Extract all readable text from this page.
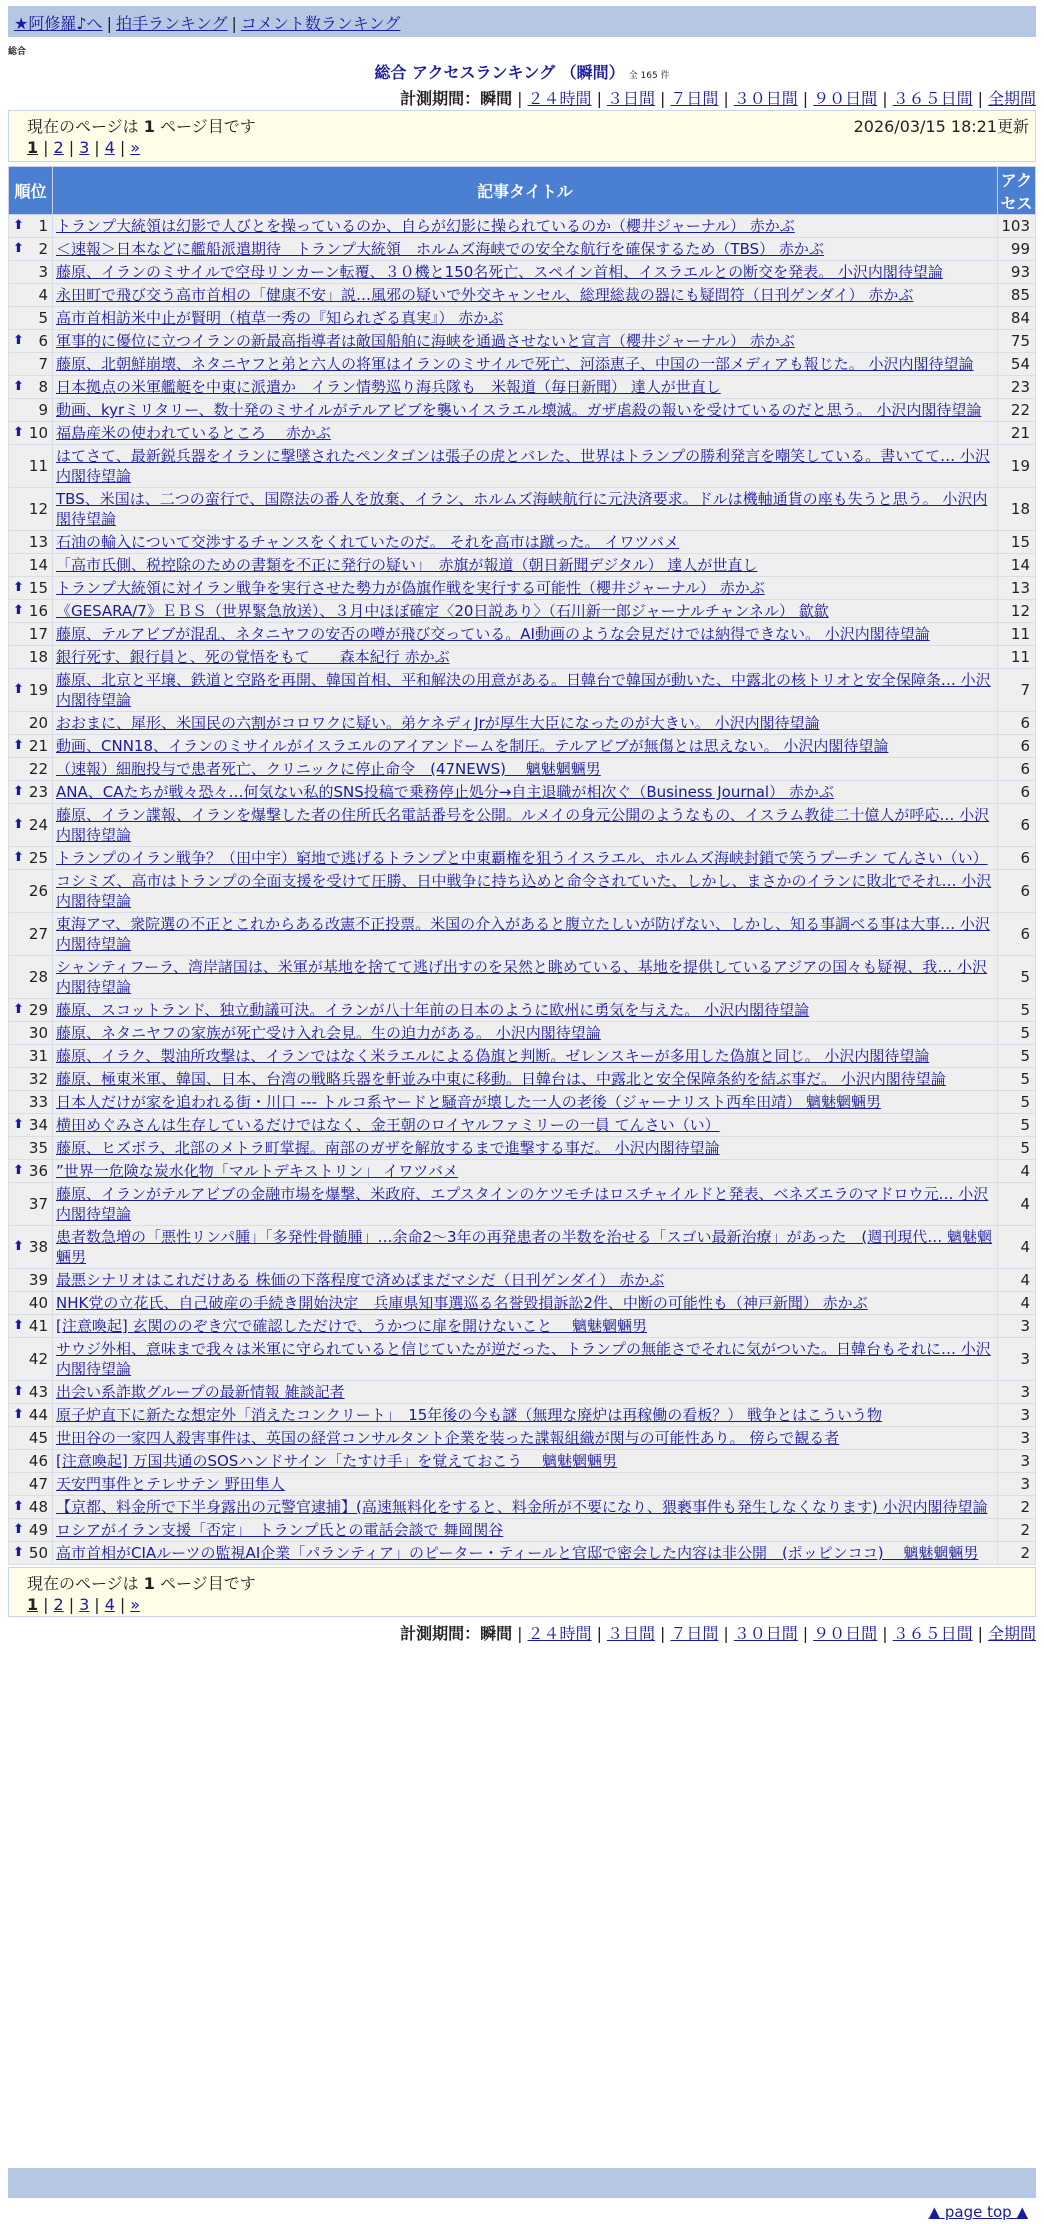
★阿修羅♪へ | 拍手ランキング | コメント数ランキング
総合
総合 アクセスランキング （瞬間） 全 165 件
計測期間：瞬間 | ２４時間 | ３日間 | ７日間 | ３０日間 | ９０日間 | ３６５日間 | 全期間
現在のページは 1 ページ目です	2026/03/15 18:21更新
1 | 2 | 3 | 4 | »
順位	記事タイトル	アクセス

⬆ 1	トランプ大統領は幻影で人びとを操っているのか、自らが幻影に操られているのか（櫻井ジャーナル） 赤かぶ	103

⬆ 2	＜速報＞日本などに艦船派遣期待　トランプ大統領　ホルムズ海峡での安全な航行を確保するため（TBS） 赤かぶ	99
3	藤原、イランのミサイルで空母リンカーン転覆、３０機と150名死亡、スペイン首相、イスラエルとの断交を発表。 小沢内閣待望論	93
4	永田町で飛び交う高市首相の「健康不安」説…風邪の疑いで外交キャンセル、総理総裁の器にも疑問符（日刊ゲンダイ） 赤かぶ	85
5	高市首相訪米中止が賢明（植草一秀の『知られざる真実』） 赤かぶ	84

⬆ 6	軍事的に優位に立つイランの新最高指導者は敵国船舶に海峡を通過させないと宣言（櫻井ジャーナル） 赤かぶ	75
7	藤原、北朝鮮崩壊、ネタニヤフと弟と六人の将軍はイランのミサイルで死亡、河添恵子、中国の一部メディアも報じた。 小沢内閣待望論	54

⬆ 8	日本拠点の米軍艦艇を中東に派遣か　イラン情勢巡り海兵隊も　米報道（毎日新聞） 達人が世直し	23
9	動画、kyrミリタリー、数十発のミサイルがテルアビブを襲いイスラエル壊滅。ガザ虐殺の報いを受けているのだと思う。 小沢内閣待望論	22

⬆ 10	福島産米の使われているところ　 赤かぶ	21
11	はてさて、最新鋭兵器をイランに撃墜されたペンタゴンは張子の虎とバレた、世界はトランプの勝利発言を嘲笑している。書いてて… 小沢内閣待望論	19
12	TBS、米国は、二つの蛮行で、国際法の番人を放棄、イラン、ホルムズ海峡航行に元決済要求。ドルは機軸通貨の座も失うと思う。 小沢内閣待望論	18
13	石油の輸入について交渉するチャンスをくれていたのだ。 それを高市は蹴った。 イワツバメ	15
14	「高市氏側、税控除のための書類を不正に発行の疑い」　赤旗が報道（朝日新聞デジタル） 達人が世直し	14

⬆ 15	トランプ大統領に対イラン戦争を実行させた勢力が偽旗作戦を実行する可能性（櫻井ジャーナル） 赤かぶ	13

⬆ 16	《GESARA/7》ＥＢＳ（世界緊急放送）、３月中ほぼ確定〈20日説あり〉（石川新一郎ジャーナルチャンネル） 歙歙	12
17	藤原、テルアビブが混乱、ネタニヤフの安否の噂が飛び交っている。AI動画のような会見だけでは納得できない。 小沢内閣待望論	11
18	銀行死す、銀行員と、死の覚悟をもて　　森本紀行 赤かぶ	11

⬆ 19	藤原、北京と平壌、鉄道と空路を再開、韓国首相、平和解決の用意がある。日韓台で韓国が動いた、中露北の核トリオと安全保障条… 小沢内閣待望論	7
20	おおまに、犀形、米国民の六割がコロワクに疑い。弟ケネディJrが厚生大臣になったのが大きい。 小沢内閣待望論	6

⬆ 21	動画、CNN18、イランのミサイルがイスラエルのアイアンドームを制圧。テルアビブが無傷とは思えない。 小沢内閣待望論	6
22	（速報）細胞投与で患者死亡、クリニックに停止命令　(47NEWS)　 魑魅魍魎男	6

⬆ 23	ANA、CAたちが戦々恐々…何気ない私的SNS投稿で乗務停止処分→自主退職が相次ぐ（Business Journal） 赤かぶ	6

⬆ 24	藤原、イラン諜報、イランを爆撃した者の住所氏名電話番号を公開。ルメイの身元公開のようなもの、イスラム教徒二十億人が呼応… 小沢内閣待望論	6

⬆ 25	トランプのイラン戦争？（田中宇）窮地で逃げるトランプと中東覇権を狙うイスラエル、ホルムズ海峡封鎖で笑うプーチン てんさい（い）	6
26	コシミズ、高市はトランプの全面支援を受けて圧勝、日中戦争に持ち込めと命令されていた、しかし、まさかのイランに敗北でそれ… 小沢内閣待望論	6
27	東海アマ、衆院選の不正とこれからある改憲不正投票。米国の介入があると腹立たしいが防げない、しかし、知る事調べる事は大事… 小沢内閣待望論	6
28	シャンティフーラ、湾岸諸国は、米軍が基地を捨てて逃げ出すのを呆然と眺めている、基地を提供しているアジアの国々も疑視、我… 小沢内閣待望論	5

⬆ 29	藤原、スコットランド、独立動議可決。イランが八十年前の日本のように欧州に勇気を与えた。 小沢内閣待望論	5
30	藤原、ネタニヤフの家族が死亡受け入れ会見。生の迫力がある。 小沢内閣待望論	5
31	藤原、イラク、製油所攻撃は、イランではなく米ラエルによる偽旗と判断。ゼレンスキーが多用した偽旗と同じ。 小沢内閣待望論	5
32	藤原、極東米軍、韓国、日本、台湾の戦略兵器を軒並み中東に移動。日韓台は、中露北と安全保障条約を結ぶ事だ。 小沢内閣待望論	5
33	日本人だけが家を追われる街・川口 --- トルコ系ヤードと騒音が壊した一人の老後（ジャーナリスト西牟田靖） 魑魅魍魎男	5

⬆ 34	横田めぐみさんは生存しているだけではなく、金王朝のロイヤルファミリーの一員 てんさい（い）	5
35	藤原、ヒズボラ、北部のメトラ町掌握。南部のガザを解放するまで進撃する事だ。 小沢内閣待望論	5

⬆ 36	”世界一危険な炭水化物「マルトデキストリン」 イワツバメ	4
37	藤原、イランがテルアビブの金融市場を爆撃、米政府、エプスタインのケツモチはロスチャイルドと発表、ベネズエラのマドロウ元… 小沢内閣待望論	4

⬆ 38	患者数急増の「悪性リンパ腫」「多発性骨髄腫」…余命2～3年の再発患者の半数を治せる「スゴい最新治療」があった　(週刊現代… 魑魅魍魎男	4
39	最悪シナリオはこれだけある 株価の下落程度で済めばまだマシだ（日刊ゲンダイ） 赤かぶ	4
40	NHK党の立花氏、自己破産の手続き開始決定　兵庫県知事選巡る名誉毀損訴訟2件、中断の可能性も（神戸新聞） 赤かぶ	4

⬆ 41	[注意喚起] 玄関ののぞき穴で確認しただけで、うかつに扉を開けないこと　 魑魅魍魎男	3
42	サウジ外相、意味まで我々は米軍に守られていると信じていたが逆だった、トランプの無能さでそれに気がついた。日韓台もそれに… 小沢内閣待望論	3

⬆ 43	出会い系詐欺グループの最新情報 雑談記者	3

⬆ 44	原子炉直下に新たな想定外「消えたコンクリート」　15年後の今も謎（無理な廃炉は再稼働の看板？） 戦争とはこういう物	3
45	世田谷の一家四人殺害事件は、英国の経営コンサルタント企業を装った諜報組織が関与の可能性あり。 傍らで観る者	3
46	[注意喚起] 万国共通のSOSハンドサイン「たすけ手」を覚えておこう　 魑魅魍魎男	3
47	天安門事件とテレサテン 野田隼人	3

⬆ 48	【京都、料金所で下半身露出の元警官逮捕】(高速無料化をすると、料金所が不要になり、猥褻事件も発生しなくなります) 小沢内閣待望論	2

⬆ 49	ロシアがイラン支援「否定」　トランプ氏との電話会談で 舞岡関谷	2

⬆ 50	高市首相がCIAルーツの監視AI企業「パランティア」のピーター・ティールと官邸で密会した内容は非公開　(ポッピンココ)　 魑魅魍魎男	2
現在のページは 1 ページ目です
1 | 2 | 3 | 4 | »
計測期間：瞬間 | ２４時間 | ３日間 | ７日間 | ３０日間 | ９０日間 | ３６５日間 | 全期間
▲ page top ▲
